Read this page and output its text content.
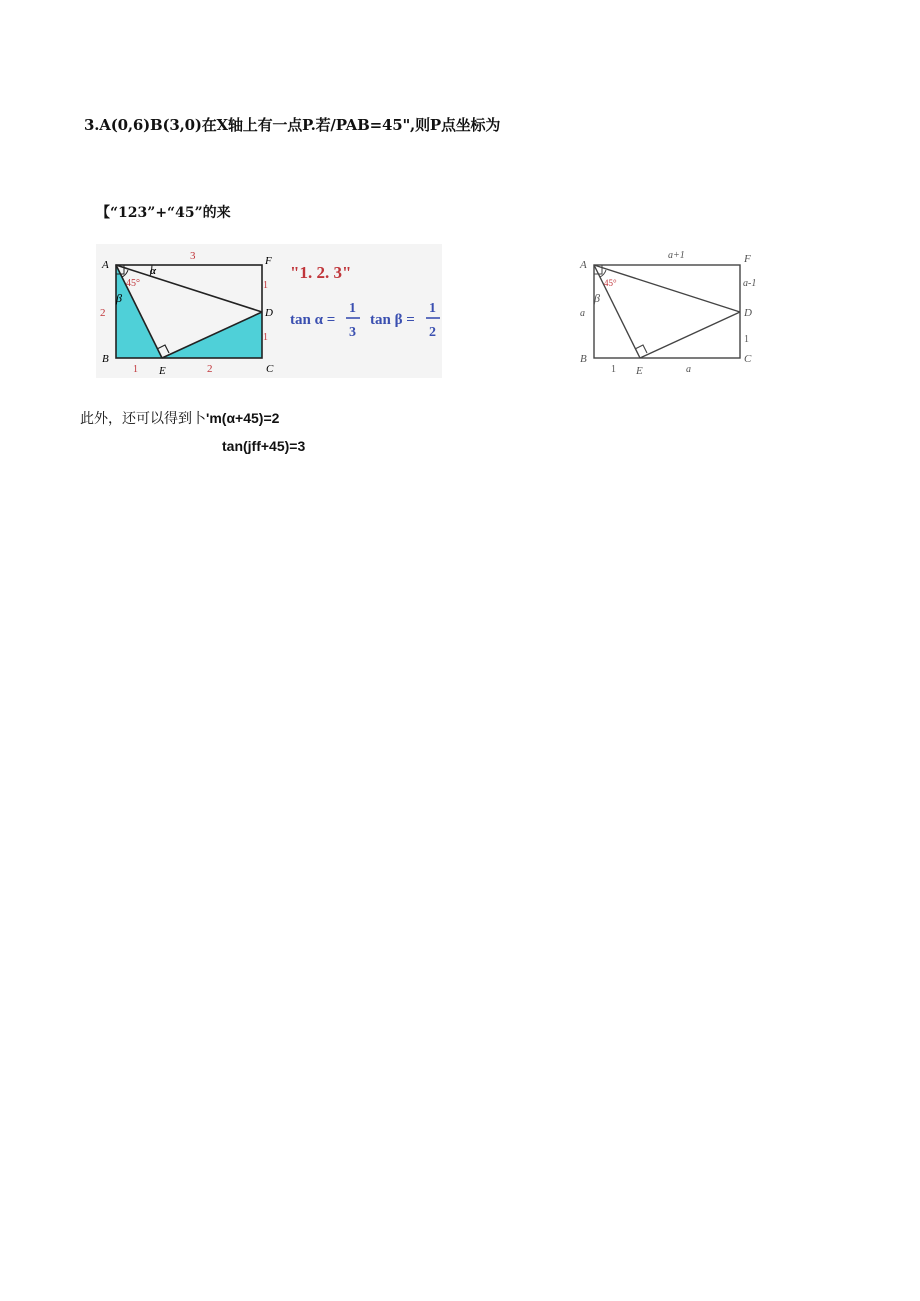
3.A(0,6)B(3,0)在X轴上有一点P.若/PAB=45",则P点坐标为
【“123”+“45”的来
A
B
C
D
E
F
3
2
1
1
1	2
α
β
45°
"1. 2. 3"
tan α =
1
3
tan β =
1
2
A
B	C
D
E
F
a+1
a
a-1
1
1	a
β
45°
此外，还可以得到卜'm(α+45)=2
tan(jff+45)=3
